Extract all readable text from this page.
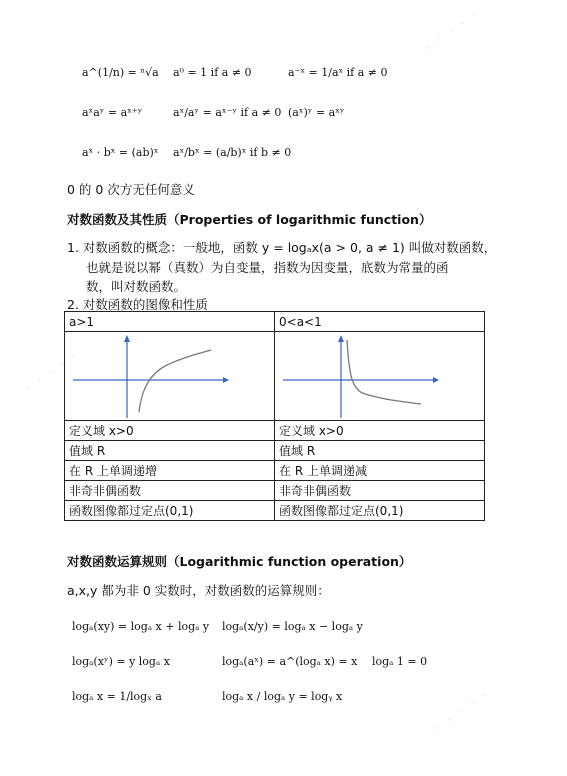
· · · · ·
· · · · ·
· · · · ·
a^(1/n) = ⁿ√a a⁰ = 1 if a ≠ 0	a⁻ˣ = 1/aˣ if a ≠ 0
aˣaʸ = aˣ⁺ʸ	aˣ/aʸ = aˣ⁻ʸ if a ≠ 0 (aˣ)ʸ = aˣʸ
aˣ · bˣ = (ab)ˣ aˣ/bˣ = (a/b)ˣ if b ≠ 0
0 的 0 次方无任何意义
对数函数及其性质（Properties of logarithmic function）
1. 对数函数的概念：一般地，函数 y = logₐx(a > 0, a ≠ 1) 叫做对数函数，
也就是说以幂（真数）为自变量，指数为因变量，底数为常量的函
数，叫对数函数。
2. 对数函数的图像和性质
a>1	0<a<1

定义域 x>0	定义域 x>0
值域 R	值域 R
在 R 上单调递增	在 R 上单调递减
非奇非偶函数	非奇非偶函数
函数图像都过定点(0,1)	函数图像都过定点(0,1)
对数函数运算规则（Logarithmic function operation）
a,x,y 都为非 0 实数时，对数函数的运算规则：
logₐ(xy) = logₐ x + logₐ y logₐ(x/y) = logₐ x − logₐ y
logₐ(xʸ) = y logₐ x	logₐ(aˣ) = a^(logₐ x) = x logₐ 1 = 0
logₐ x = 1/logₓ a	logₐ x / logₐ y = logᵧ x
